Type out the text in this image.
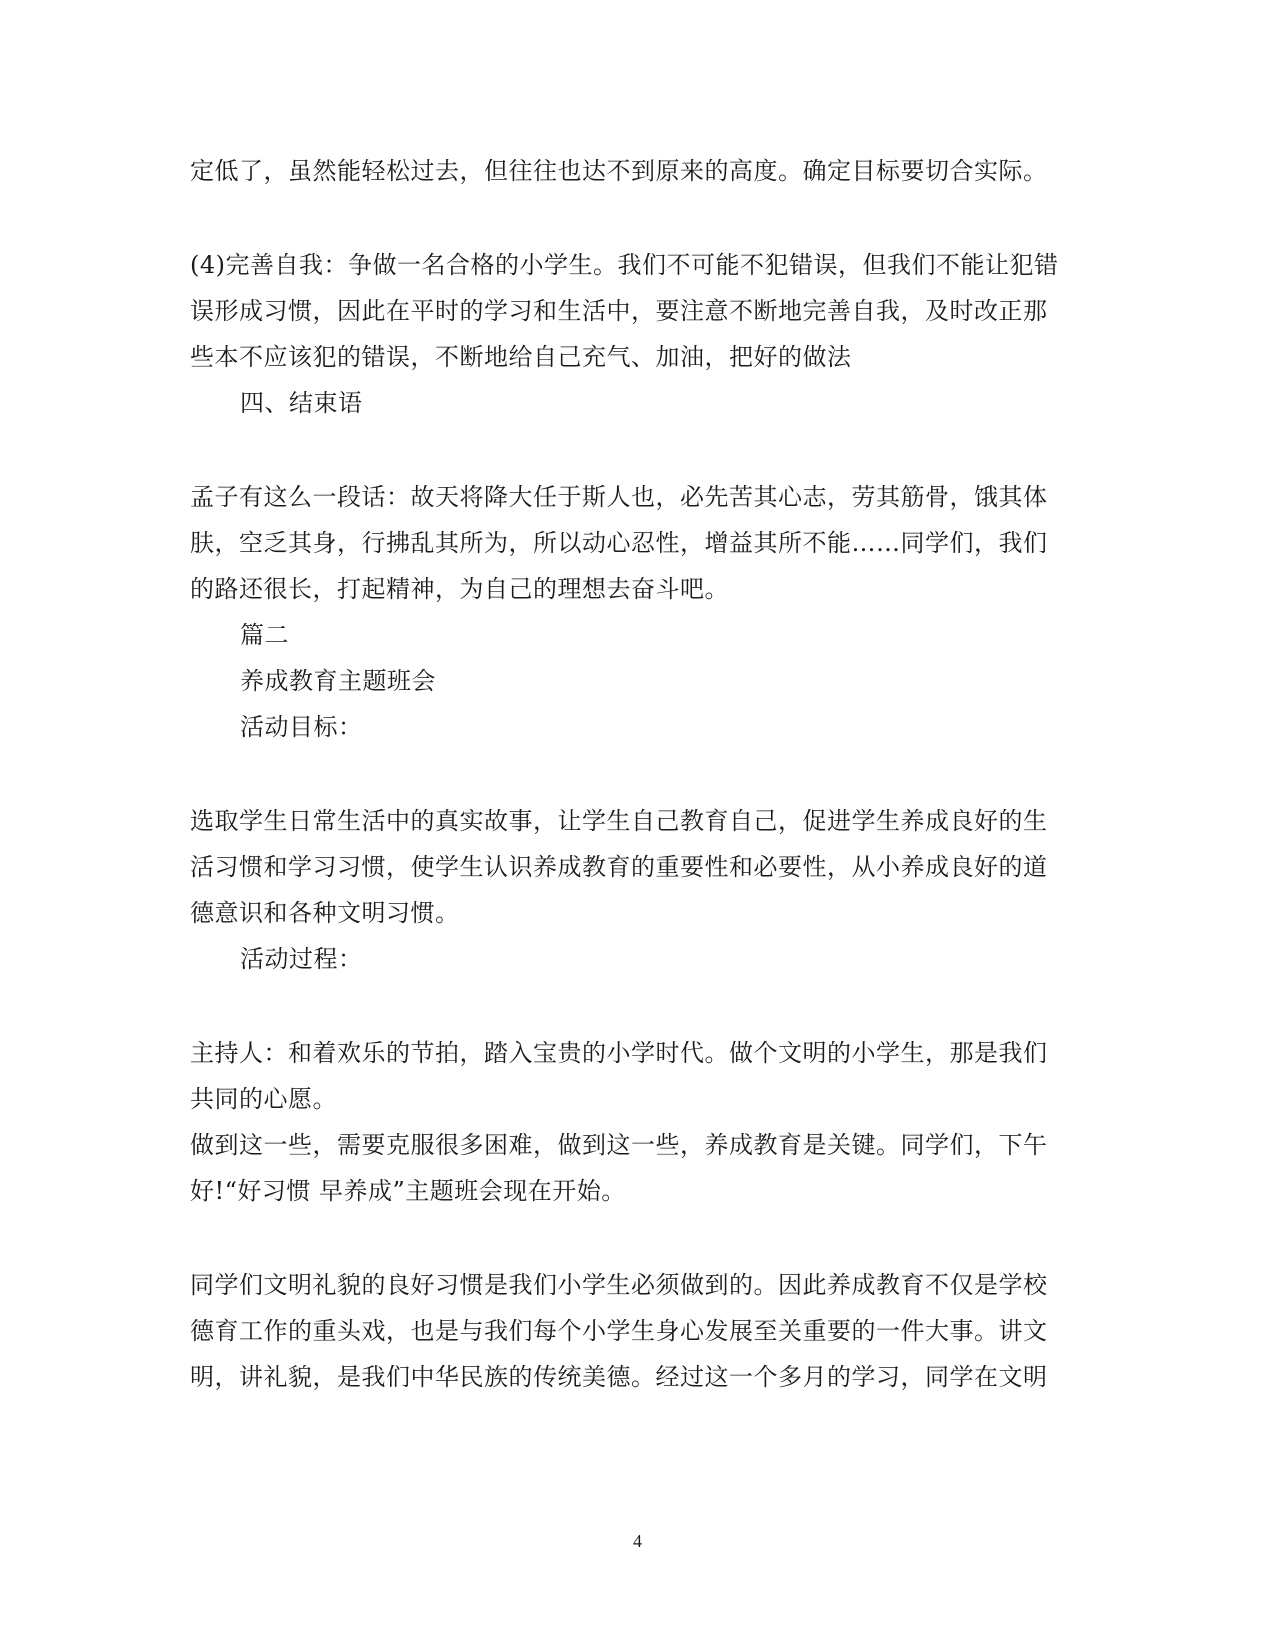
定低了，虽然能轻松过去，但往往也达不到原来的高度。确定目标要切合实际。
(4)完善自我：争做一名合格的小学生。我们不可能不犯错误，但我们不能让犯错
误形成习惯，因此在平时的学习和生活中，要注意不断地完善自我，及时改正那
些本不应该犯的错误，不断地给自己充气、加油，把好的做法
四、结束语
孟子有这么一段话：故天将降大任于斯人也，必先苦其心志，劳其筋骨，饿其体
肤，空乏其身，行拂乱其所为，所以动心忍性，增益其所不能……同学们，我们
的路还很长，打起精神，为自己的理想去奋斗吧。
篇二
养成教育主题班会
活动目标：
选取学生日常生活中的真实故事，让学生自己教育自己，促进学生养成良好的生
活习惯和学习习惯，使学生认识养成教育的重要性和必要性，从小养成良好的道
德意识和各种文明习惯。
活动过程：
主持人：和着欢乐的节拍，踏入宝贵的小学时代。做个文明的小学生，那是我们
共同的心愿。
做到这一些，需要克服很多困难，做到这一些，养成教育是关键。同学们，下午
好!“好习惯 早养成”主题班会现在开始。
同学们文明礼貌的良好习惯是我们小学生必须做到的。因此养成教育不仅是学校
德育工作的重头戏，也是与我们每个小学生身心发展至关重要的一件大事。讲文
明，讲礼貌，是我们中华民族的传统美德。经过这一个多月的学习，同学在文明
4
